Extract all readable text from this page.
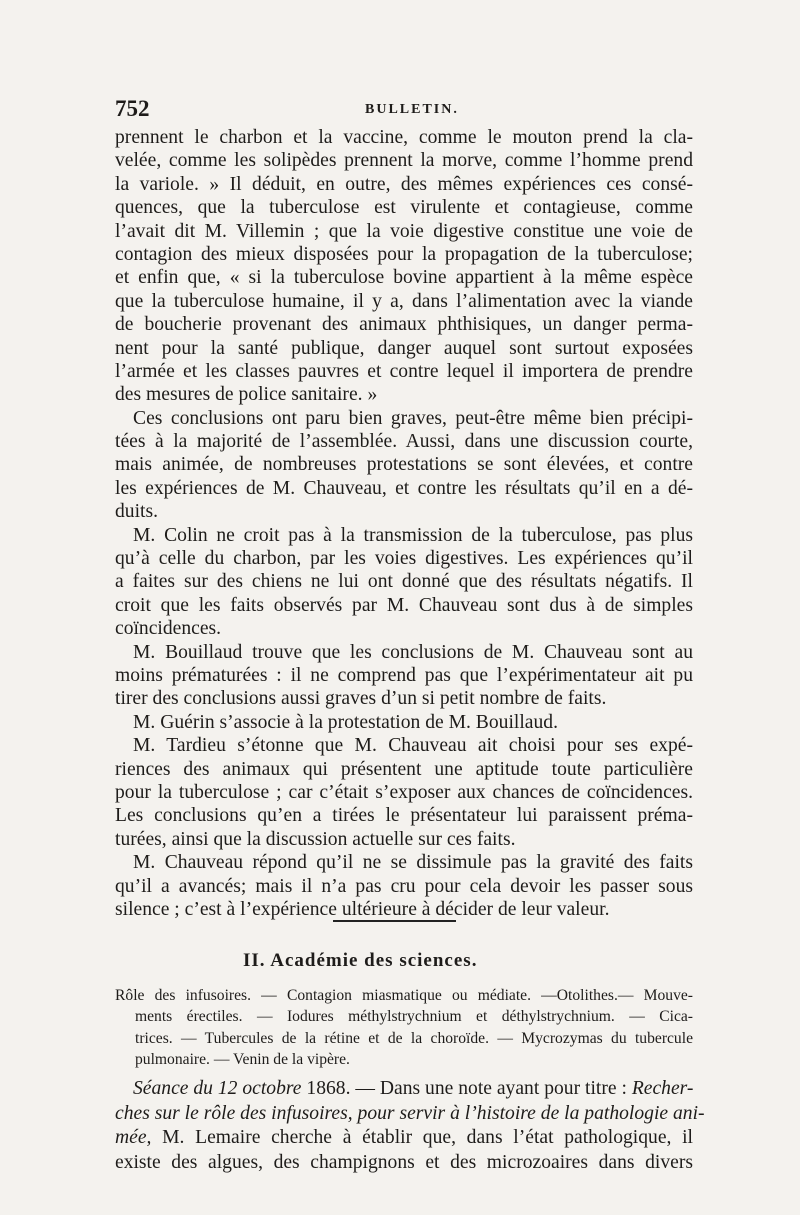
752	BULLETIN.
prennent le charbon et la vaccine, comme le mouton prend la cla-
velée, comme les solipèdes prennent la morve, comme l’homme prend
la variole. » Il déduit, en outre, des mêmes expériences ces consé-
quences, que la tuberculose est virulente et contagieuse, comme
l’avait dit M. Villemin ; que la voie digestive constitue une voie de
contagion des mieux disposées pour la propagation de la tuberculose;
et enfin que, « si la tuberculose bovine appartient à la même espèce
que la tuberculose humaine, il y a, dans l’alimentation avec la viande
de boucherie provenant des animaux phthisiques, un danger perma-
nent pour la santé publique, danger auquel sont surtout exposées
l’armée et les classes pauvres et contre lequel il importera de prendre
des mesures de police sanitaire. »
Ces conclusions ont paru bien graves, peut-être même bien précipi-
tées à la majorité de l’assemblée. Aussi, dans une discussion courte,
mais animée, de nombreuses protestations se sont élevées, et contre
les expériences de M. Chauveau, et contre les résultats qu’il en a dé-
duits.
M. Colin ne croit pas à la transmission de la tuberculose, pas plus
qu’à celle du charbon, par les voies digestives. Les expériences qu’il
a faites sur des chiens ne lui ont donné que des résultats négatifs. Il
croit que les faits observés par M. Chauveau sont dus à de simples
coïncidences.
M. Bouillaud trouve que les conclusions de M. Chauveau sont au
moins prématurées : il ne comprend pas que l’expérimentateur ait pu
tirer des conclusions aussi graves d’un si petit nombre de faits.
M. Guérin s’associe à la protestation de M. Bouillaud.
M. Tardieu s’étonne que M. Chauveau ait choisi pour ses expé-
riences des animaux qui présentent une aptitude toute particulière
pour la tuberculose ; car c’était s’exposer aux chances de coïncidences.
Les conclusions qu’en a tirées le présentateur lui paraissent préma-
turées, ainsi que la discussion actuelle sur ces faits.
M. Chauveau répond qu’il ne se dissimule pas la gravité des faits
qu’il a avancés; mais il n’a pas cru pour cela devoir les passer sous
silence ; c’est à l’expérience ultérieure à décider de leur valeur.
II. Académie des sciences.
Rôle des infusoires. — Contagion miasmatique ou médiate. —Otolithes.— Mouve-
ments érectiles. — Iodures méthylstrychnium et déthylstrychnium. — Cica-
trices. — Tubercules de la rétine et de la choroïde. — Mycrozymas du tubercule
pulmonaire. — Venin de la vipère.
Séance du 12 octobre 1868. — Dans une note ayant pour titre : Recher-
ches sur le rôle des infusoires, pour servir à l’histoire de la pathologie ani-
mée, M. Lemaire cherche à établir que, dans l’état pathologique, il
existe des algues, des champignons et des microzoaires dans divers
